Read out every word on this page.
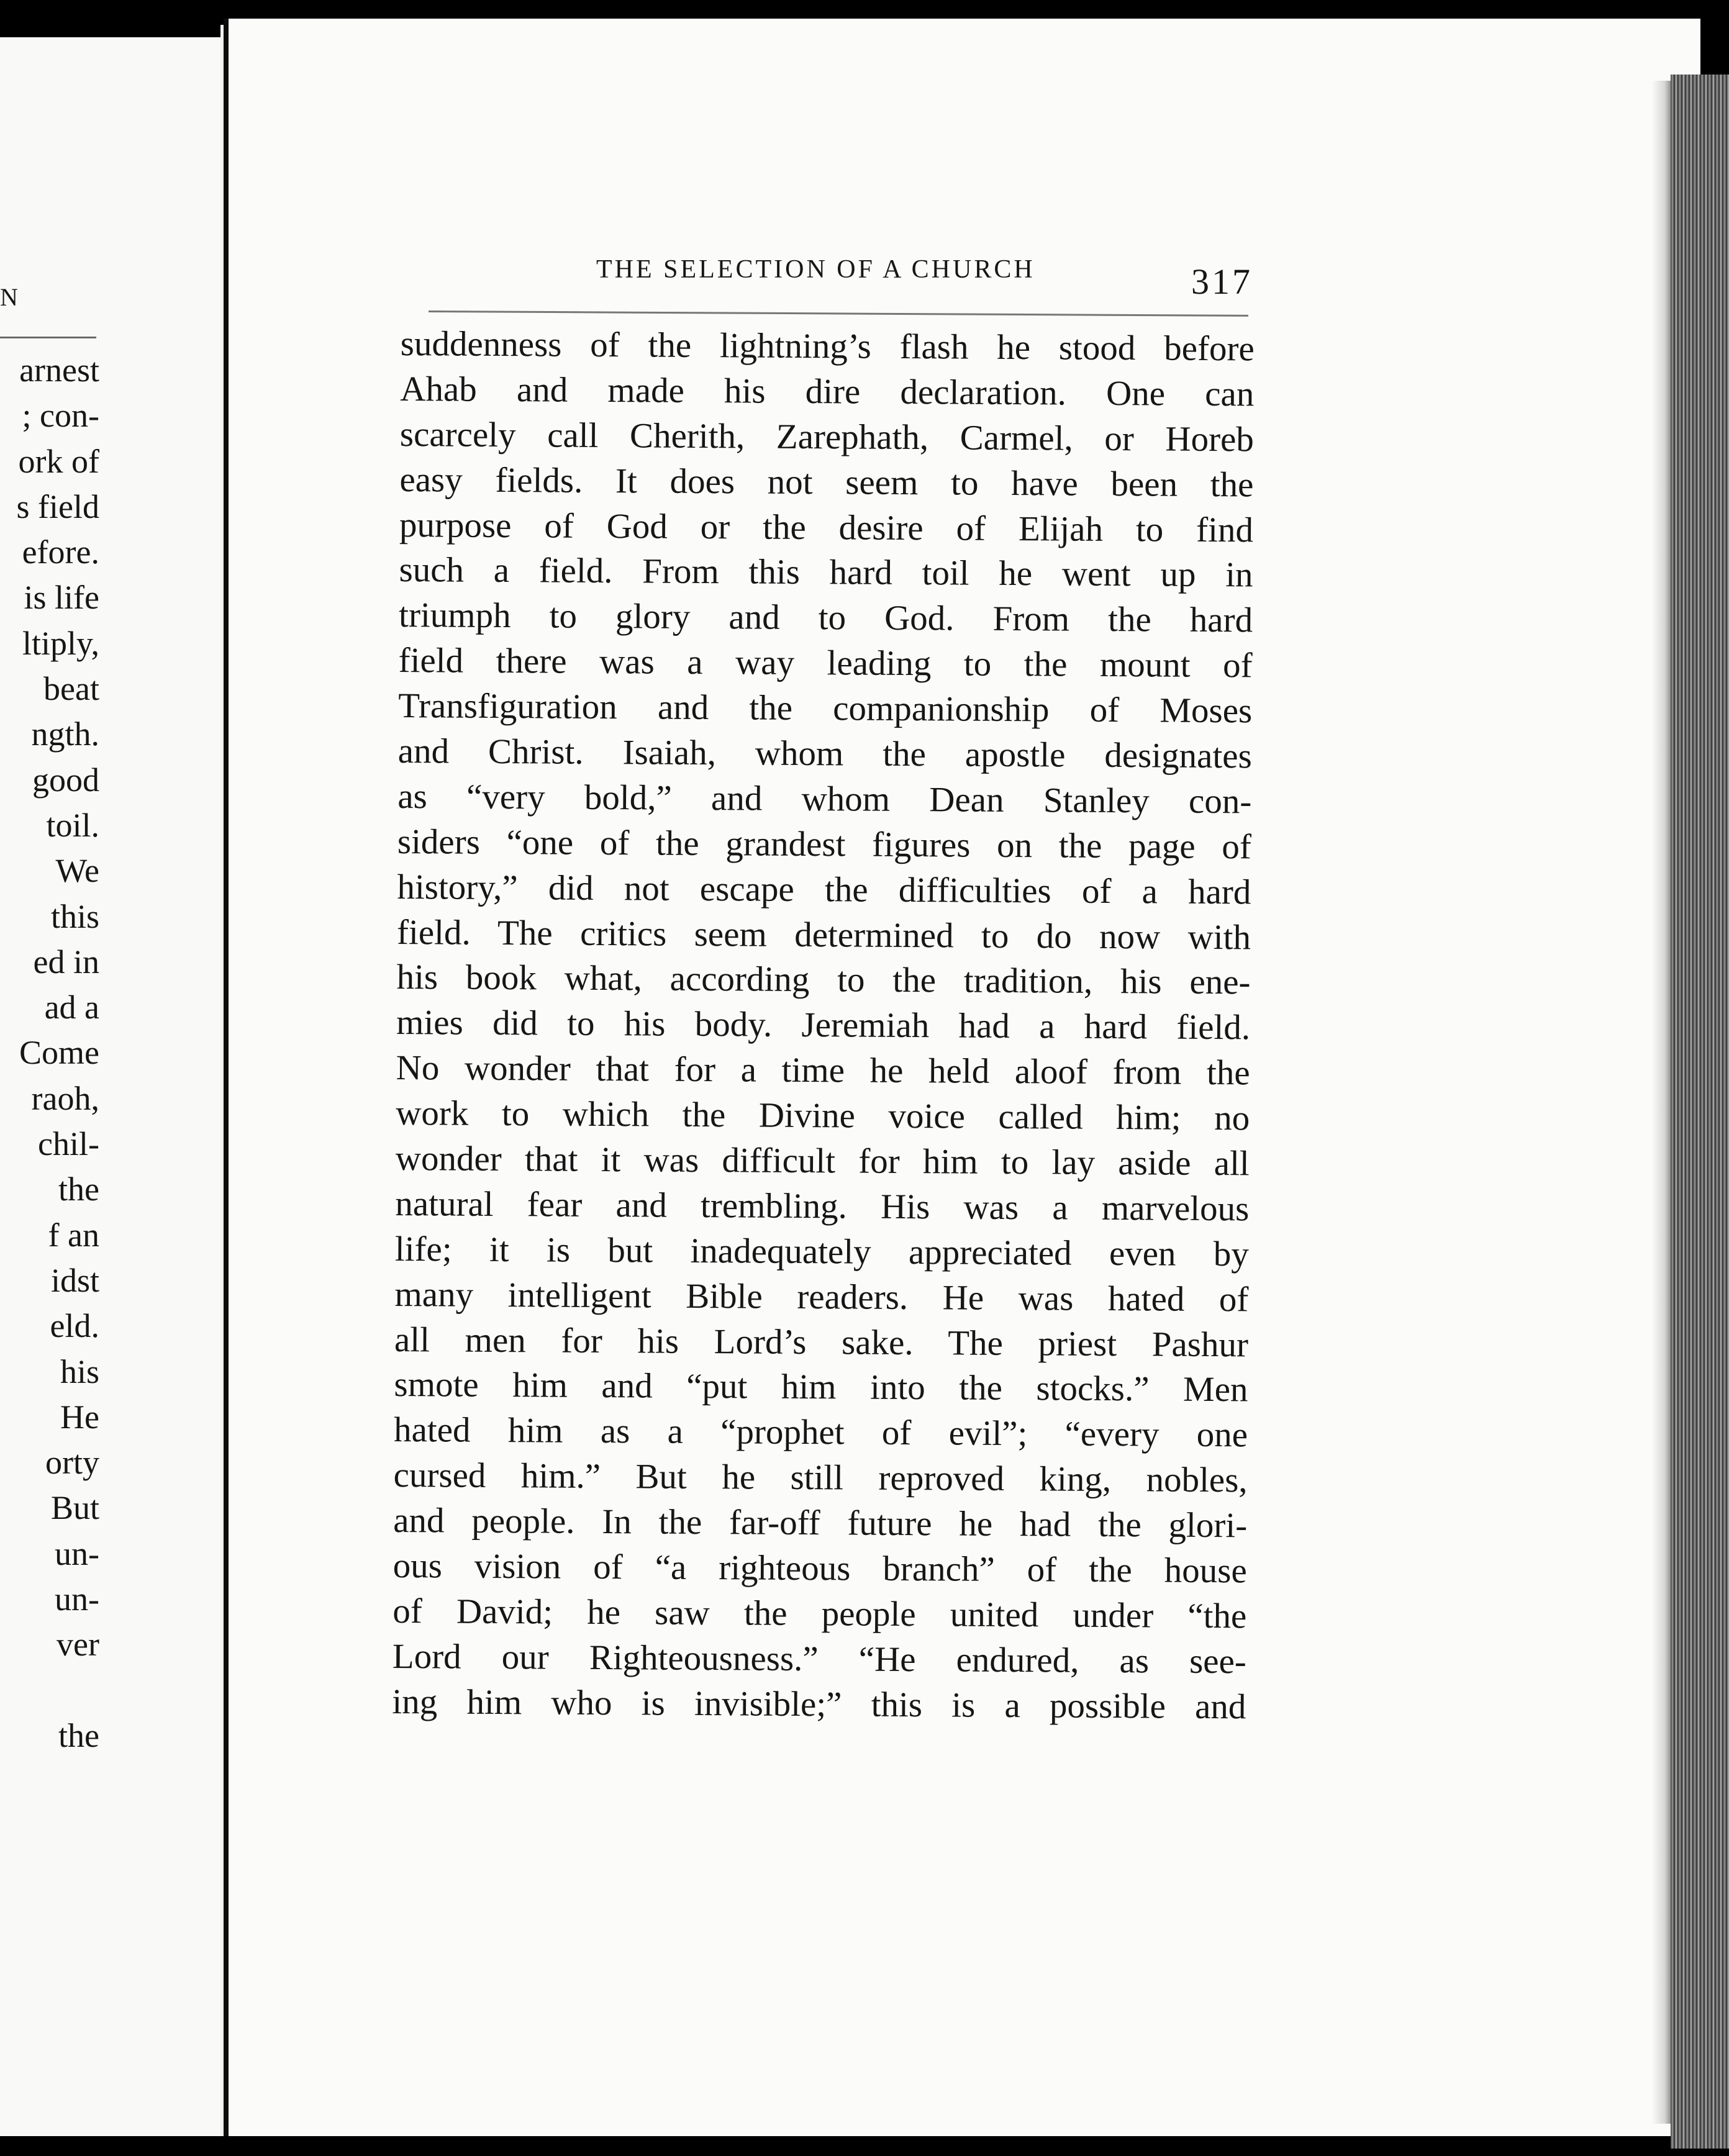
N
arnest
; con-
ork of
s field
efore.
is life
ltiply,
beat
ngth.
good
toil.
We
this
ed in
ad a
Come
raoh,
chil-
the
f an
idst
eld.
his
He
orty
But
un-
un-
ver
the
THE SELECTION OF A CHURCH	317
suddenness of the lightning’s flash he stood before
Ahab and made his dire declaration. One can
scarcely call Cherith, Zarephath, Carmel, or Horeb
easy fields. It does not seem to have been the
purpose of God or the desire of Elijah to find
such a field. From this hard toil he went up in
triumph to glory and to God. From the hard
field there was a way leading to the mount of
Transfiguration and the companionship of Moses
and Christ. Isaiah, whom the apostle designates
as “very bold,” and whom Dean Stanley con-
siders “one of the grandest figures on the page of
history,” did not escape the difficulties of a hard
field. The critics seem determined to do now with
his book what, according to the tradition, his ene-
mies did to his body. Jeremiah had a hard field.
No wonder that for a time he held aloof from the
work to which the Divine voice called him; no
wonder that it was difficult for him to lay aside all
natural fear and trembling. His was a marvelous
life; it is but inadequately appreciated even by
many intelligent Bible readers. He was hated of
all men for his Lord’s sake. The priest Pashur
smote him and “put him into the stocks.” Men
hated him as a “prophet of evil”; “every one
cursed him.” But he still reproved king, nobles,
and people. In the far-off future he had the glori-
ous vision of “a righteous branch” of the house
of David; he saw the people united under “the
Lord our Righteousness.” “He endured, as see-
ing him who is invisible;” this is a possible and
